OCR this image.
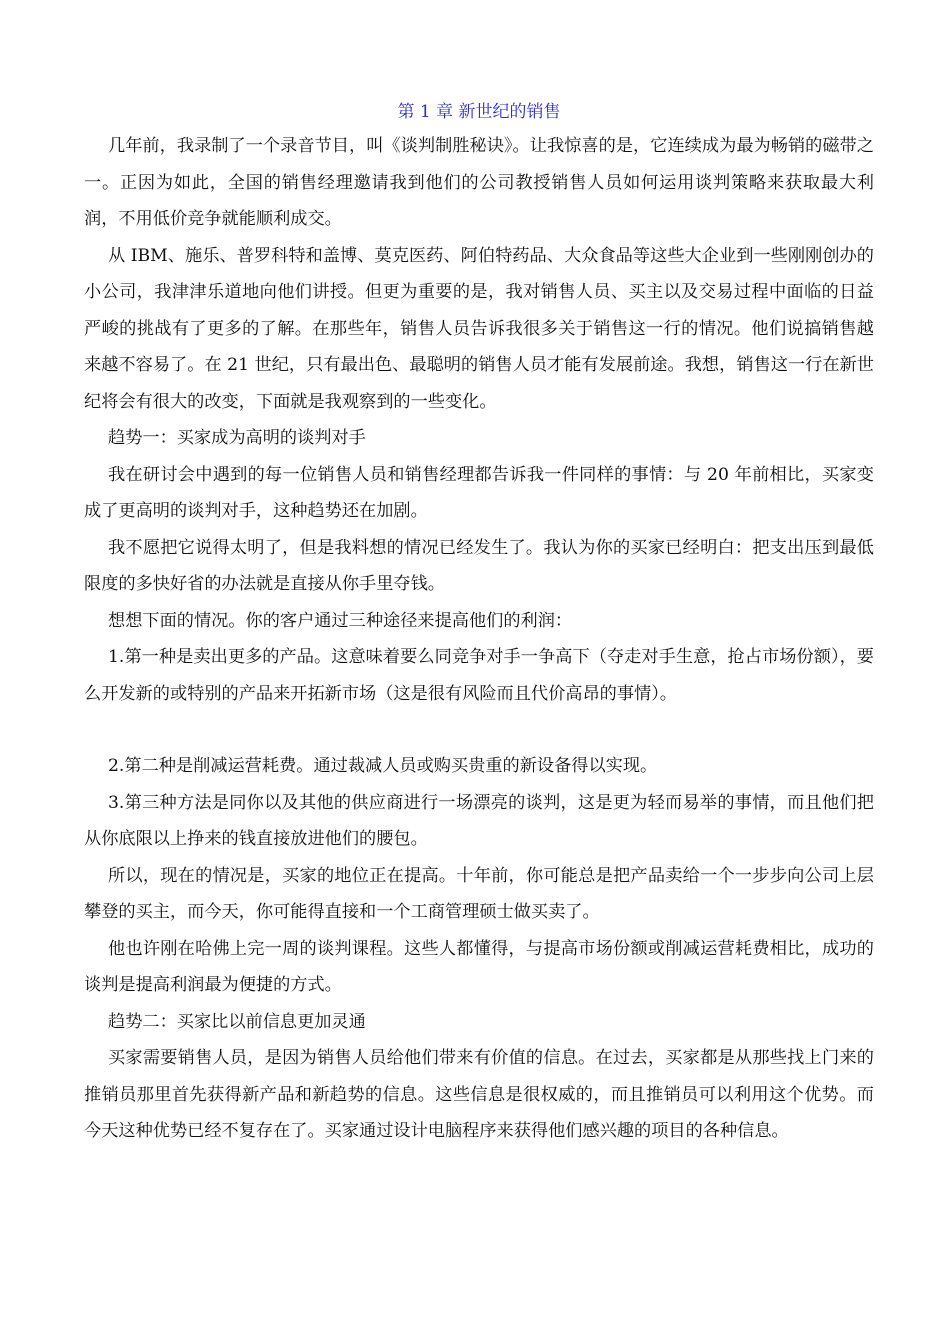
第 1 章 新世纪的销售

几年前，我录制了一个录音节目，叫《谈判制胜秘诀》。让我惊喜的是，它连续成为最为畅销的磁带之一。正因为如此，全国的销售经理邀请我到他们的公司教授销售人员如何运用谈判策略来获取最大利润，不用低价竞争就能顺利成交。

从 IBM、施乐、普罗科特和盖博、莫克医药、阿伯特药品、大众食品等这些大企业到一些刚刚创办的小公司，我津津乐道地向他们讲授。但更为重要的是，我对销售人员、买主以及交易过程中面临的日益严峻的挑战有了更多的了解。在那些年，销售人员告诉我很多关于销售这一行的情况。他们说搞销售越来越不容易了。在 21 世纪，只有最出色、最聪明的销售人员才能有发展前途。我想，销售这一行在新世纪将会有很大的改变，下面就是我观察到的一些变化。

趋势一：买家成为高明的谈判对手

我在研讨会中遇到的每一位销售人员和销售经理都告诉我一件同样的事情：与 20 年前相比，买家变成了更高明的谈判对手，这种趋势还在加剧。

我不愿把它说得太明了，但是我料想的情况已经发生了。我认为你的买家已经明白：把支出压到最低限度的多快好省的办法就是直接从你手里夺钱。

想想下面的情况。你的客户通过三种途径来提高他们的利润：

1.第一种是卖出更多的产品。这意味着要么同竞争对手一争高下（夺走对手生意，抢占市场份额），要么开发新的或特别的产品来开拓新市场（这是很有风险而且代价高昂的事情）。

2.第二种是削减运营耗费。通过裁减人员或购买贵重的新设备得以实现。

3.第三种方法是同你以及其他的供应商进行一场漂亮的谈判，这是更为轻而易举的事情，而且他们把从你底限以上挣来的钱直接放进他们的腰包。

所以，现在的情况是，买家的地位正在提高。十年前，你可能总是把产品卖给一个一步步向公司上层攀登的买主，而今天，你可能得直接和一个工商管理硕士做买卖了。

他也许刚在哈佛上完一周的谈判课程。这些人都懂得，与提高市场份额或削减运营耗费相比，成功的谈判是提高利润最为便捷的方式。

趋势二：买家比以前信息更加灵通

买家需要销售人员，是因为销售人员给他们带来有价值的信息。在过去，买家都是从那些找上门来的推销员那里首先获得新产品和新趋势的信息。这些信息是很权威的，而且推销员可以利用这个优势。而今天这种优势已经不复存在了。买家通过设计电脑程序来获得他们感兴趣的项目的各种信息。
